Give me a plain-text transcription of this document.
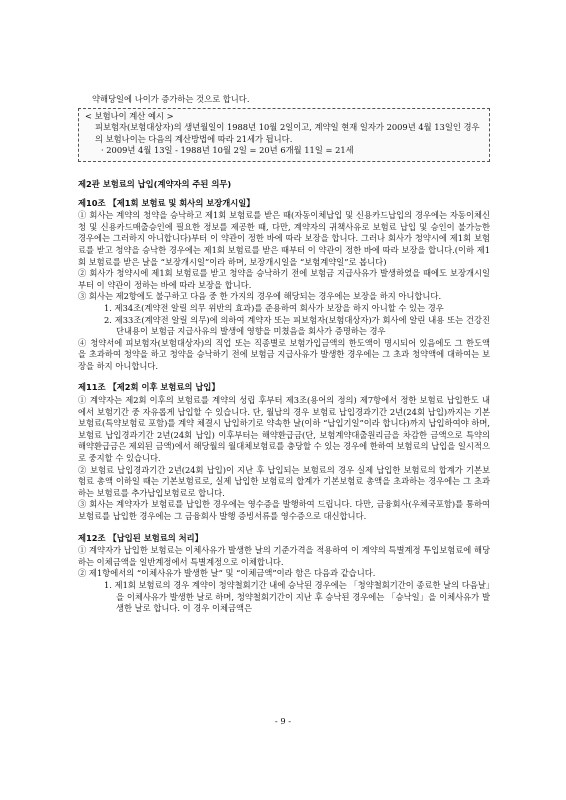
약해당일에 나이가 증가하는 것으로 합니다.

< 보험나이 계산 예시 >

피보험자(보험대상자)의 생년월일이 1988년 10월 2일이고, 계약일 현재 일자가 2009년 4월 13일인 경우의 보험나이는 다음의 계산방법에 따라 21세가 됩니다.

· 2009년 4월 13일 - 1988년 10월 2일 = 20년 6개월 11일 = 21세

제2관 보험료의 납입(계약자의 주된 의무)
제10조 【제1회 보험료 및 회사의 보장개시일】

① 회사는 계약의 청약을 승낙하고 제1회 보험료를 받은 때(자동이체납입 및 신용카드납입의 경우에는 자동이체신청 및 신용카드매출승인에 필요한 정보를 제공한 때, 다만, 계약자의 귀책사유로 보험료 납입 및 승인이 불가능한 경우에는 그러하지 아니합니다)부터 이 약관이 정한 바에 따라 보장을 합니다. 그러나 회사가 청약시에 제1회 보험료를 받고 청약을 승낙한 경우에는 제1회 보험료를 받은 때부터 이 약관이 정한 바에 따라 보장을 합니다.(이하 제1회 보험료를 받은 날을 “보장개시일”이라 하며, 보장개시일을 “보험계약일”로 봅니다)

② 회사가 청약시에 제1회 보험료를 받고 청약을 승낙하기 전에 보험금 지급사유가 발생하였을 때에도 보장개시일부터 이 약관이 정하는 바에 따라 보장을 합니다.

③ 회사는 제2항에도 불구하고 다음 중 한 가지의 경우에 해당되는 경우에는 보장을 하지 아니합니다.

1. 제34조(계약전 알릴 의무 위반의 효과)를 준용하여 회사가 보장을 하지 아니할 수 있는 경우

2. 제33조(계약전 알릴 의무)에 의하여 계약자 또는 피보험자(보험대상자)가 회사에 알린 내용 또는 건강진단내용이 보험금 지급사유의 발생에 영향을 미쳤음을 회사가 증명하는 경우

④ 청약서에 피보험자(보험대상자)의 직업 또는 직종별로 보험가입금액의 한도액이 명시되어 있음에도 그 한도액을 초과하여 청약을 하고 청약을 승낙하기 전에 보험금 지급사유가 발생한 경우에는 그 초과 청약액에 대하여는 보장을 하지 아니합니다.

제11조 【제2회 이후 보험료의 납입】

① 계약자는 제2회 이후의 보험료를 계약의 성립 후부터 제3조(용어의 정의) 제7항에서 정한 보험료 납입한도 내에서 보험기간 중 자유롭게 납입할 수 있습니다. 단, 월납의 경우 보험료 납입경과기간 2년(24회 납입)까지는 기본보험료(특약보험료 포함)를 계약 체결시 납입하기로 약속한 날(이하 “납입기일”이라 합니다)까지 납입하여야 하며, 보험료 납입경과기간 2년(24회 납입) 이후부터는 해약환급금(단, 보험계약대출원리금을 차감한 금액으로 특약의 해약환급금은 제외된 금액)에서 해당월의 월대체보험료를 충당할 수 있는 경우에 한하여 보험료의 납입을 일시적으로 중지할 수 있습니다.

② 보험료 납입경과기간 2년(24회 납입)이 지난 후 납입되는 보험료의 경우 실제 납입한 보험료의 합계가 기본보험료 총액 이하일 때는 기본보험료로, 실제 납입한 보험료의 합계가 기본보험료 총액을 초과하는 경우에는 그 초과하는 보험료를 추가납입보험료로 합니다.

③ 회사는 계약자가 보험료를 납입한 경우에는 영수증을 발행하여 드립니다. 다만, 금융회사(우체국포함)를 통하여 보험료를 납입한 경우에는 그 금융회사 발행 증빙서류를 영수증으로 대신합니다.

제12조 【납입된 보험료의 처리】

① 계약자가 납입한 보험료는 이체사유가 발생한 날의 기준가격을 적용하여 이 계약의 특별계정 투입보험료에 해당하는 이체금액을 일반계정에서 특별계정으로 이체합니다.

② 제1항에서의 “이체사유가 발생한 날” 및 “이체금액”이라 함은 다음과 같습니다.

1. 제1회 보험료의 경우 계약이 청약철회기간 내에 승낙된 경우에는 「청약철회기간이 종료한 날의 다음날」을 이체사유가 발생한 날로 하며, 청약철회기간이 지난 후 승낙된 경우에는 「승낙일」을 이체사유가 발생한 날로 합니다. 이 경우 이체금액은

- 9 -
